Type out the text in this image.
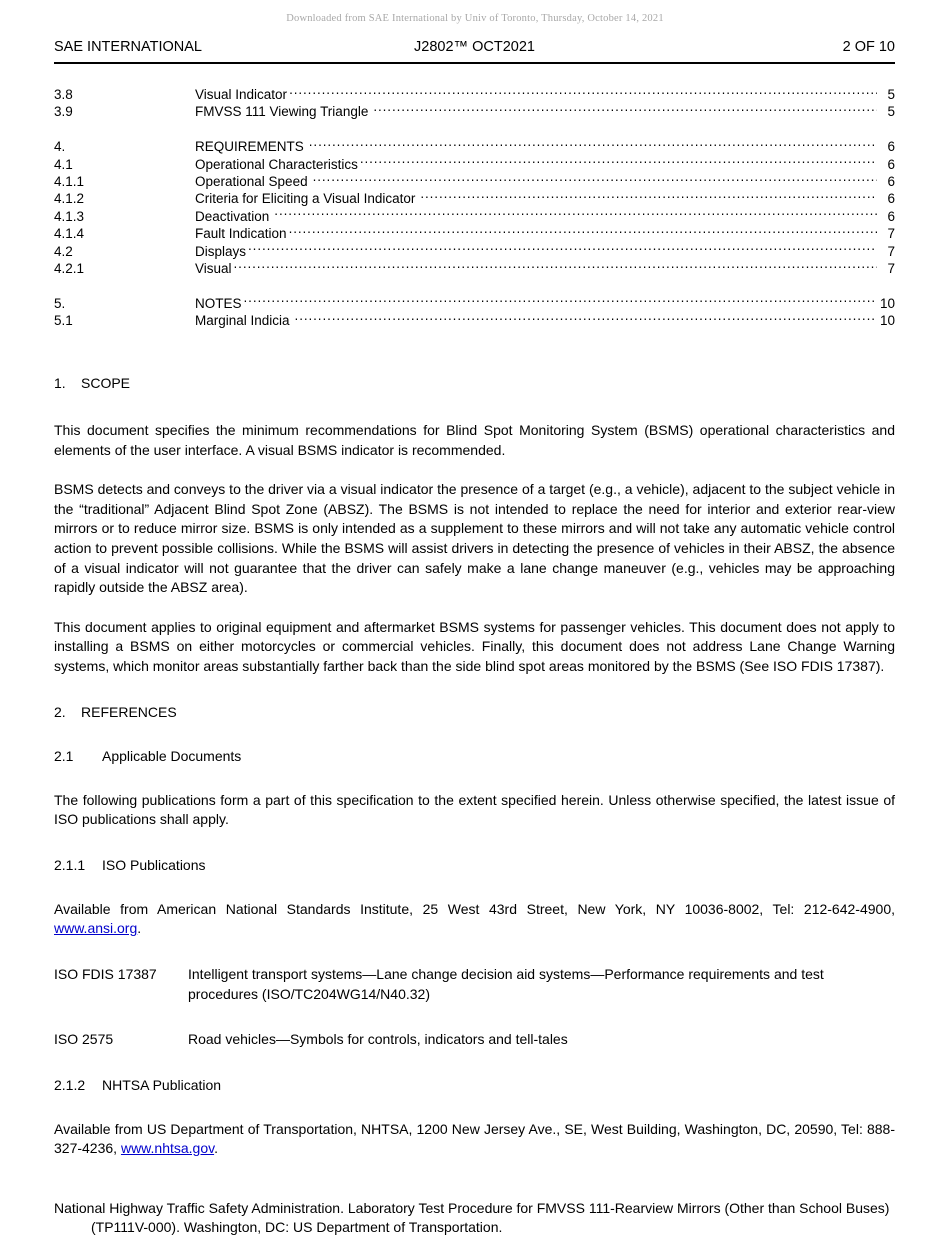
Downloaded from SAE International by Univ of Toronto, Thursday, October 14, 2021
SAE INTERNATIONAL	J2802™ OCT2021	2 OF 10
3.8	Visual Indicator .....	5
3.9	FMVSS 111 Viewing Triangle .....	5
4.	REQUIREMENTS .....	6
4.1	Operational Characteristics .....	6
4.1.1	Operational Speed .....	6
4.1.2	Criteria for Eliciting a Visual Indicator .....	6
4.1.3	Deactivation .....	6
4.1.4	Fault Indication .....	7
4.2	Displays .....	7
4.2.1	Visual .....	7
5.	NOTES .....	10
5.1	Marginal Indicia .....	10

1. SCOPE

This document specifies the minimum recommendations for Blind Spot Monitoring System (BSMS) operational characteristics and elements of the user interface. A visual BSMS indicator is recommended.

BSMS detects and conveys to the driver via a visual indicator the presence of a target (e.g., a vehicle), adjacent to the subject vehicle in the “traditional” Adjacent Blind Spot Zone (ABSZ). The BSMS is not intended to replace the need for interior and exterior rear-view mirrors or to reduce mirror size. BSMS is only intended as a supplement to these mirrors and will not take any automatic vehicle control action to prevent possible collisions. While the BSMS will assist drivers in detecting the presence of vehicles in their ABSZ, the absence of a visual indicator will not guarantee that the driver can safely make a lane change maneuver (e.g., vehicles may be approaching rapidly outside the ABSZ area).

This document applies to original equipment and aftermarket BSMS systems for passenger vehicles. This document does not apply to installing a BSMS on either motorcycles or commercial vehicles. Finally, this document does not address Lane Change Warning systems, which monitor areas substantially farther back than the side blind spot areas monitored by the BSMS (See ISO FDIS 17387).

2. REFERENCES

2.1 Applicable Documents

The following publications form a part of this specification to the extent specified herein. Unless otherwise specified, the latest issue of ISO publications shall apply.

2.1.1 ISO Publications

Available from American National Standards Institute, 25 West 43rd Street, New York, NY 10036-8002, Tel: 212-642-4900, www.ansi.org.

ISO FDIS 17387	Intelligent transport systems—Lane change decision aid systems—Performance requirements and test procedures (ISO/TC204WG14/N40.32)
ISO 2575	Road vehicles—Symbols for controls, indicators and tell-tales

2.1.2 NHTSA Publication

Available from US Department of Transportation, NHTSA, 1200 New Jersey Ave., SE, West Building, Washington, DC, 20590, Tel: 888-327-4236, www.nhtsa.gov.

National Highway Traffic Safety Administration. Laboratory Test Procedure for FMVSS 111-Rearview Mirrors (Other than School Buses) (TP111V-000). Washington, DC: US Department of Transportation.
